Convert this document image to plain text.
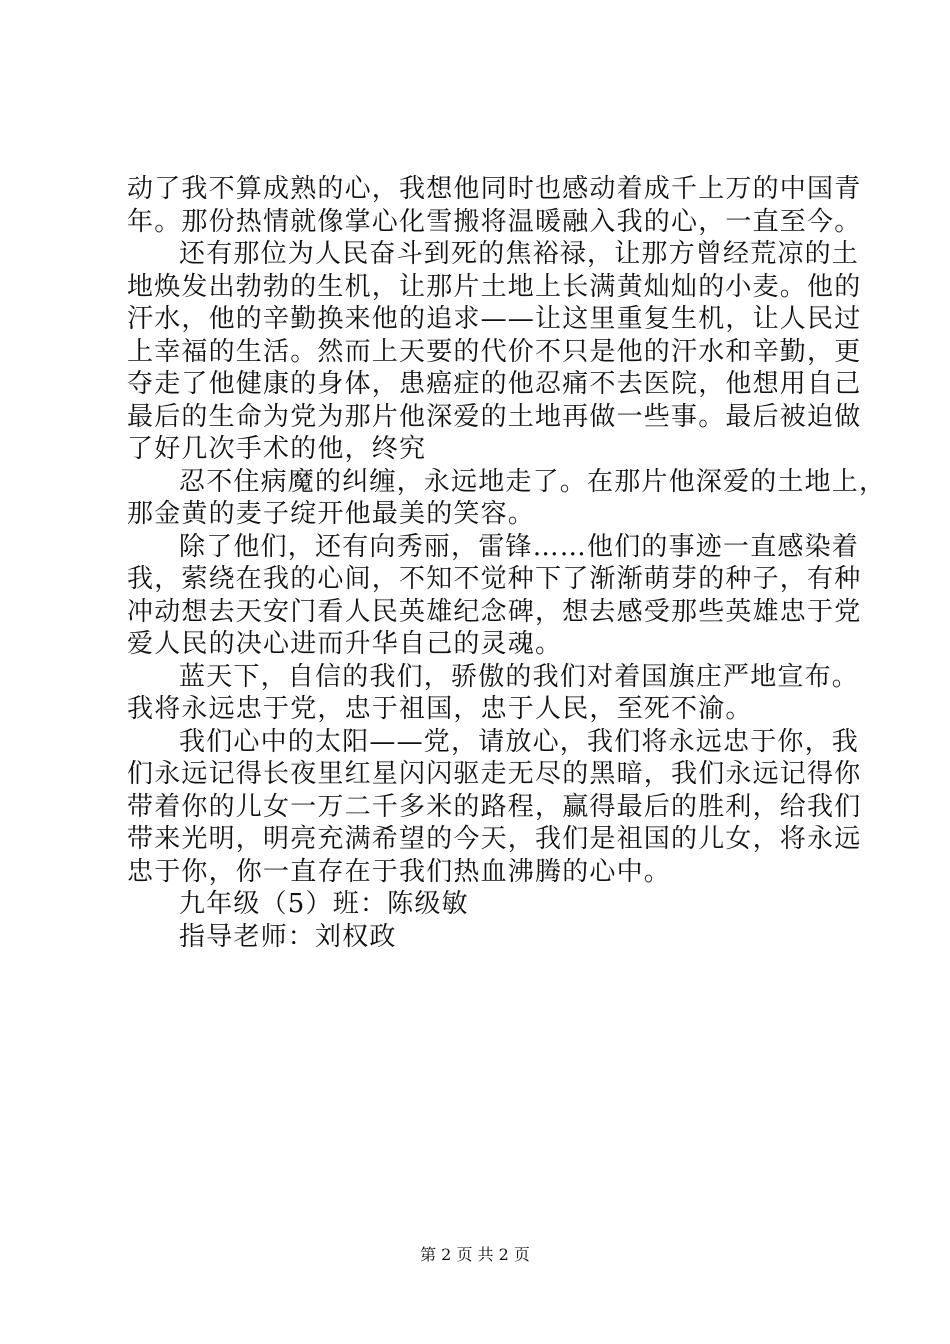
动了我不算成熟的心，我想他同时也感动着成千上万的中国青
年。那份热情就像掌心化雪搬将温暖融入我的心，一直至今。
还有那位为人民奋斗到死的焦裕禄，让那方曾经荒凉的土
地焕发出勃勃的生机，让那片土地上长满黄灿灿的小麦。他的
汗水，他的辛勤换来他的追求——让这里重复生机，让人民过
上幸福的生活。然而上天要的代价不只是他的汗水和辛勤，更
夺走了他健康的身体，患癌症的他忍痛不去医院，他想用自己
最后的生命为党为那片他深爱的土地再做一些事。最后被迫做
了好几次手术的他，终究
忍不住病魔的纠缠，永远地走了。在那片他深爱的土地上，
那金黄的麦子绽开他最美的笑容。
除了他们，还有向秀丽，雷锋……他们的事迹一直感染着
我，萦绕在我的心间，不知不觉种下了渐渐萌芽的种子，有种
冲动想去天安门看人民英雄纪念碑，想去感受那些英雄忠于党
爱人民的决心进而升华自己的灵魂。
蓝天下，自信的我们，骄傲的我们对着国旗庄严地宣布。
我将永远忠于党，忠于祖国，忠于人民，至死不渝。
我们心中的太阳——党，请放心，我们将永远忠于你，我
们永远记得长夜里红星闪闪驱走无尽的黑暗，我们永远记得你
带着你的儿女一万二千多米的路程，赢得最后的胜利，给我们
带来光明，明亮充满希望的今天，我们是祖国的儿女，将永远
忠于你，你一直存在于我们热血沸腾的心中。
九年级（5）班：陈级敏
指导老师：刘权政
第 2 页 共 2 页
